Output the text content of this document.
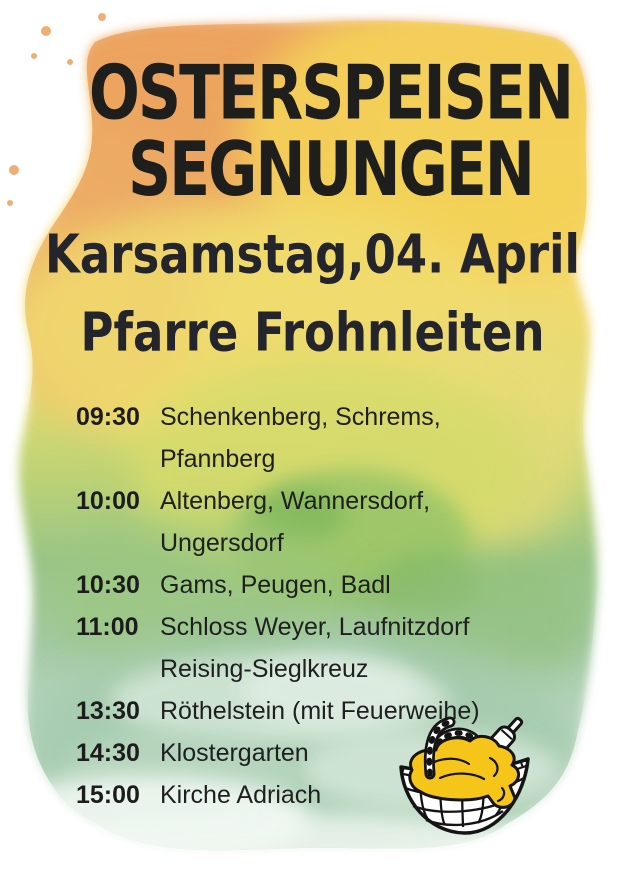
OSTERSPEISEN
SEGNUNGEN
Karsamstag,04. April
Pfarre Frohnleiten
09:30 Schenkenberg, Schrems,
Pfannberg
10:00 Altenberg, Wannersdorf,
Ungersdorf
10:30 Gams, Peugen, Badl
11:00 Schloss Weyer, Laufnitzdorf
Reising-Sieglkreuz
13:30 Röthelstein (mit Feuerweihe)
14:30 Klostergarten
15:00 Kirche Adriach
